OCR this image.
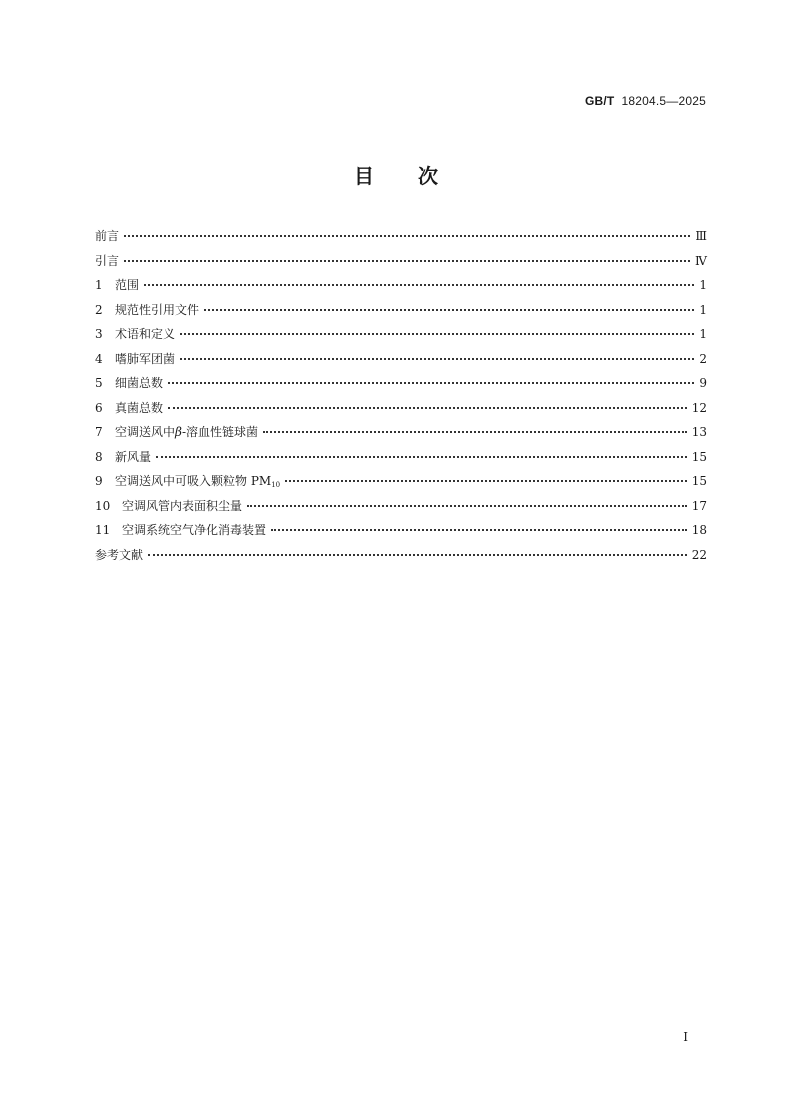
GB/T 18204.5—2025
目次
前言	Ⅲ
引言	Ⅳ
1	范围	1
2	规范性引用文件	1
3	术语和定义	1
4	嗜肺军团菌	2
5	细菌总数	9
6	真菌总数	12
7	空调送风中 β -溶血性链球菌	13
8	新风量	15
9	空调送风中可吸入颗粒物 $PM_{10}$	15
10 空调风管内表面积尘量	17
11 空调系统空气净化消毒装置	18
参考文献	22
I
